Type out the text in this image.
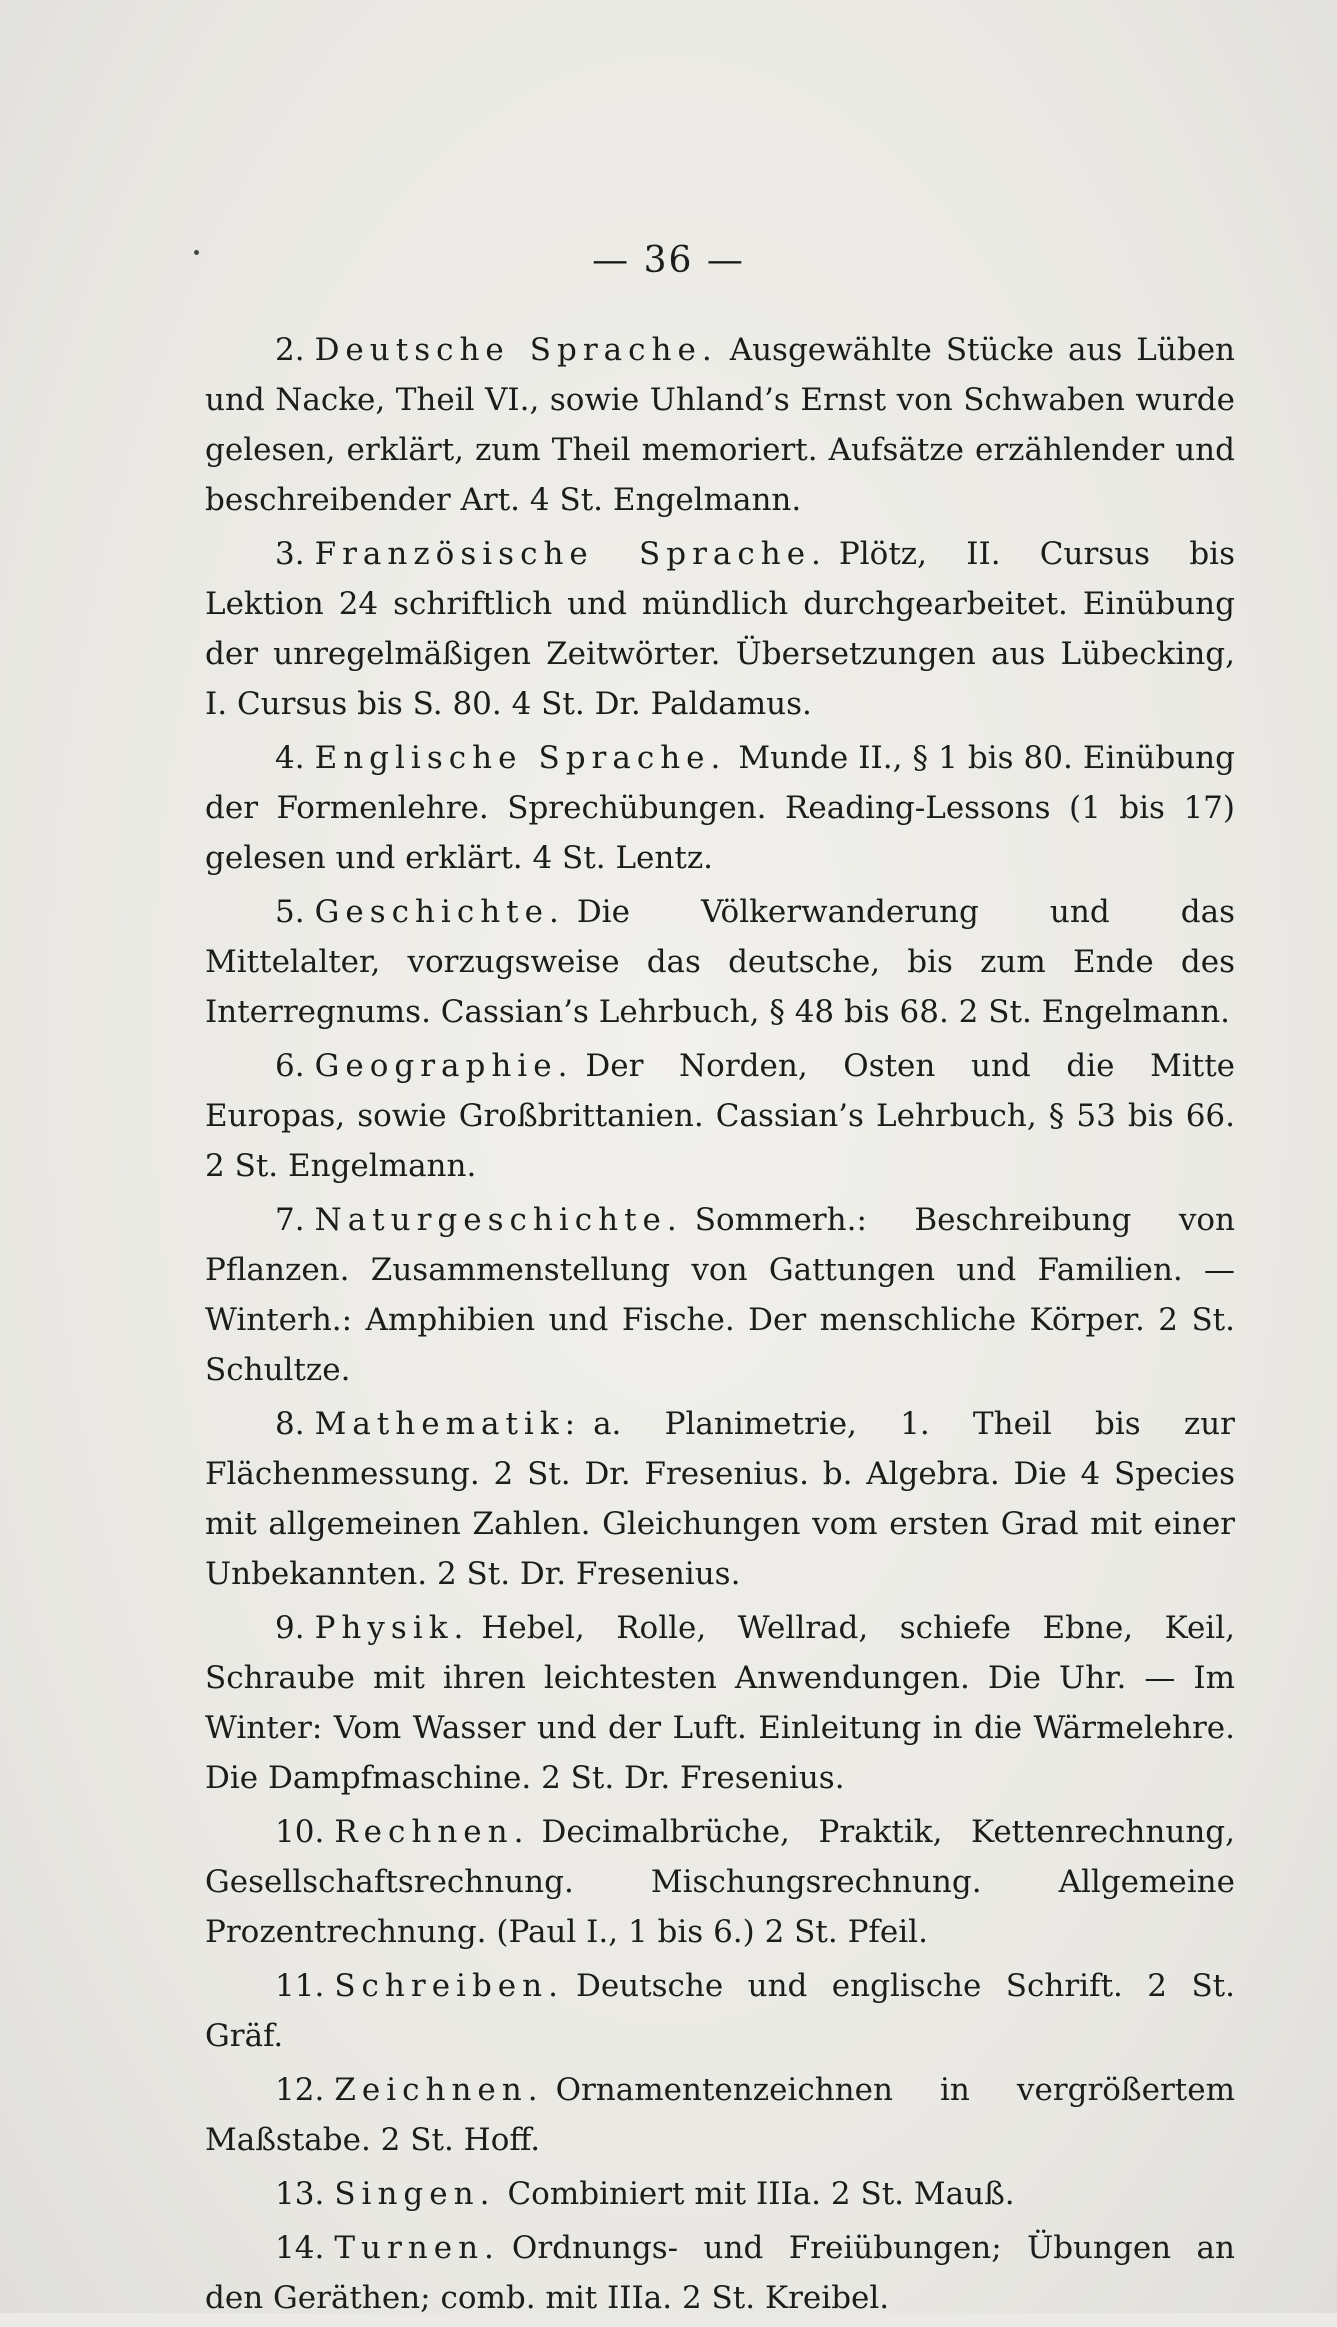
— 36 —

2. Deutsche Sprache. Ausgewählte Stücke aus Lüben und Nacke, Theil VI., sowie Uhland’s Ernst von Schwaben wurde gelesen, erklärt, zum Theil memoriert. Aufsätze erzählender und beschreibender Art. 4 St. Engelmann.

3. Französische Sprache. Plötz, II. Cursus bis Lektion 24 schriftlich und mündlich durchgearbeitet. Einübung der unregelmäßigen Zeitwörter. Übersetzungen aus Lübecking, I. Cursus bis S. 80. 4 St. Dr. Paldamus.

4. Englische Sprache. Munde II., § 1 bis 80. Einübung der Formenlehre. Sprechübungen. Reading-Lessons (1 bis 17) gelesen und erklärt. 4 St. Lentz.

5. Geschichte. Die Völkerwanderung und das Mittelalter, vorzugsweise das deutsche, bis zum Ende des Interregnums. Cassian’s Lehrbuch, § 48 bis 68. 2 St. Engelmann.

6. Geographie. Der Norden, Osten und die Mitte Europas, sowie Großbrittanien. Cassian’s Lehrbuch, § 53 bis 66. 2 St. Engelmann.

7. Naturgeschichte. Sommerh.: Beschreibung von Pflanzen. Zusammenstellung von Gattungen und Familien. — Winterh.: Amphibien und Fische. Der menschliche Körper. 2 St. Schultze.

8. Mathematik: a. Planimetrie, 1. Theil bis zur Flächenmessung. 2 St. Dr. Fresenius. b. Algebra. Die 4 Species mit allgemeinen Zahlen. Gleichungen vom ersten Grad mit einer Unbekannten. 2 St. Dr. Fresenius.

9. Physik. Hebel, Rolle, Wellrad, schiefe Ebne, Keil, Schraube mit ihren leichtesten Anwendungen. Die Uhr. — Im Winter: Vom Wasser und der Luft. Einleitung in die Wärmelehre. Die Dampfmaschine. 2 St. Dr. Fresenius.

10. Rechnen. Decimalbrüche, Praktik, Kettenrechnung, Gesellschaftsrechnung. Mischungsrechnung. Allgemeine Prozentrechnung. (Paul I., 1 bis 6.) 2 St. Pfeil.

11. Schreiben. Deutsche und englische Schrift. 2 St. Gräf.

12. Zeichnen. Ornamentenzeichnen in vergrößertem Maßstabe. 2 St. Hoff.

13. Singen. Combiniert mit IIIa. 2 St. Mauß.

14. Turnen. Ordnungs- und Freiübungen; Übungen an den Geräthen; comb. mit IIIa. 2 St. Kreibel.
